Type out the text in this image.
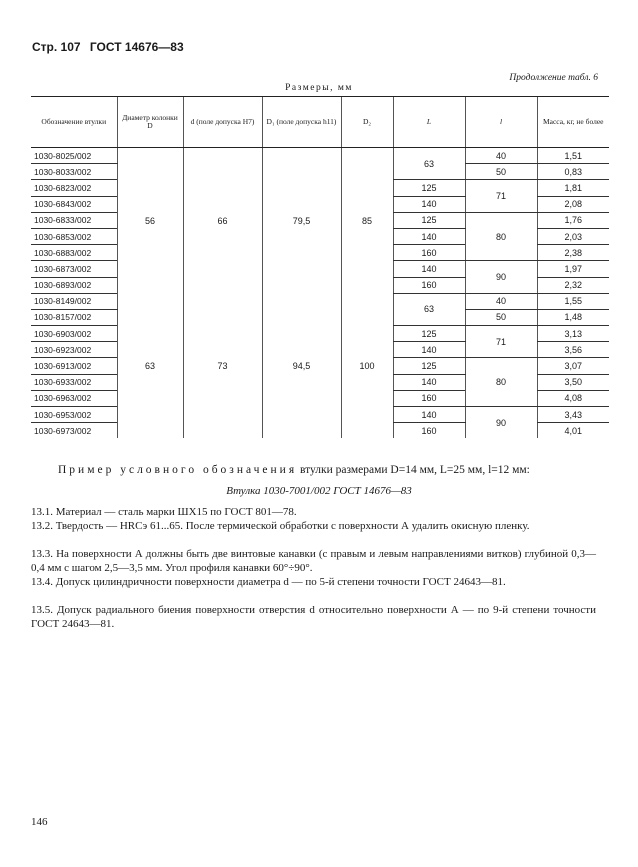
Стр. 107 ГОСТ 14676—83
Продолжение табл. 6
Размеры, мм
Обозначение втулки	Диаметр колонки D	d (поле допуска H7)	D₁ (поле допуска h11)	D₂	L	l	Масса, кг, не более
1030-8025/002	56	66	79,5	85	63	40	1,51
1030-8033/002						50	0,83
1030-6823/002					125	71	1,81
1030-6843/002					140		2,08
1030-6833/002					125	80	1,76
1030-6853/002					140		2,03
1030-6883/002					160		2,38
1030-6873/002					140	90	1,97
1030-6893/002					160		2,32
1030-8149/002	63	73	94,5	100	63	40	1,55
1030-8157/002						50	1,48
1030-6903/002					125	71	3,13
1030-6923/002					140		3,56
1030-6913/002					125	80	3,07
1030-6933/002					140		3,50
1030-6963/002					160		4,08
1030-6953/002					140	90	3,43
1030-6973/002					160		4,01
Пример условного обозначения втулки размерами D=14 мм, L=25 мм, l=12 мм:
Втулка 1030-7001/002 ГОСТ 14676—83
13.1. Материал — сталь марки ШХ15 по ГОСТ 801—78.
13.2. Твердость — HRCэ 61...65. После термической обработки с поверхности А удалить окисную пленку.
13.3. На поверхности А должны быть две винтовые канавки (с правым и левым направлениями витков) глубиной 0,3—0,4 мм с шагом 2,5—3,5 мм. Угол профиля канавки 60°÷90°.
13.4. Допуск цилиндричности поверхности диаметра d — по 5-й степени точности ГОСТ 24643—81.
13.5. Допуск радиального биения поверхности отверстия d относительно поверхности А — по 9-й степени точности ГОСТ 24643—81.
146
